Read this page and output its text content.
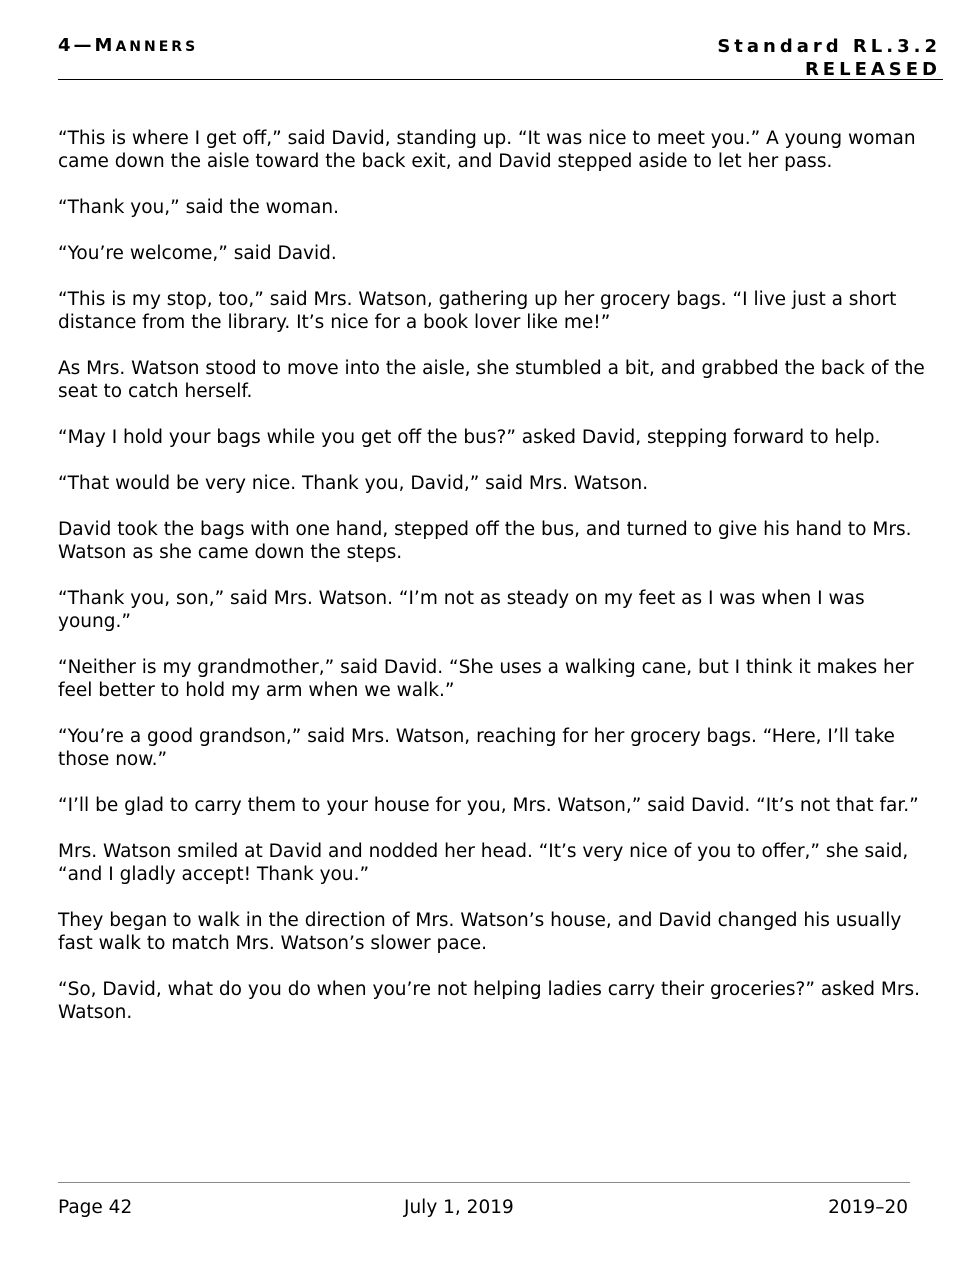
4—MANNERS	Standard RL.3.2
RELEASED

“This is where I get off,” said David, standing up. “It was nice to meet you.” A young woman came down the aisle toward the back exit, and David stepped aside to let her pass.

“Thank you,” said the woman.

“You’re welcome,” said David.

“This is my stop, too,” said Mrs. Watson, gathering up her grocery bags. “I live just a short distance from the library. It’s nice for a book lover like me!”

As Mrs. Watson stood to move into the aisle, she stumbled a bit, and grabbed the back of the seat to catch herself.

“May I hold your bags while you get off the bus?” asked David, stepping forward to help.

“That would be very nice. Thank you, David,” said Mrs. Watson.

David took the bags with one hand, stepped off the bus, and turned to give his hand to Mrs. Watson as she came down the steps.

“Thank you, son,” said Mrs. Watson. “I’m not as steady on my feet as I was when I was young.”

“Neither is my grandmother,” said David. “She uses a walking cane, but I think it makes her feel better to hold my arm when we walk.”

“You’re a good grandson,” said Mrs. Watson, reaching for her grocery bags. “Here, I’ll take those now.”

“I’ll be glad to carry them to your house for you, Mrs. Watson,” said David. “It’s not that far.”

Mrs. Watson smiled at David and nodded her head. “It’s very nice of you to offer,” she said, “and I gladly accept! Thank you.”

They began to walk in the direction of Mrs. Watson’s house, and David changed his usually fast walk to match Mrs. Watson’s slower pace.

“So, David, what do you do when you’re not helping ladies carry their groceries?” asked Mrs. Watson.

Page 42	July 1, 2019	2019–20
